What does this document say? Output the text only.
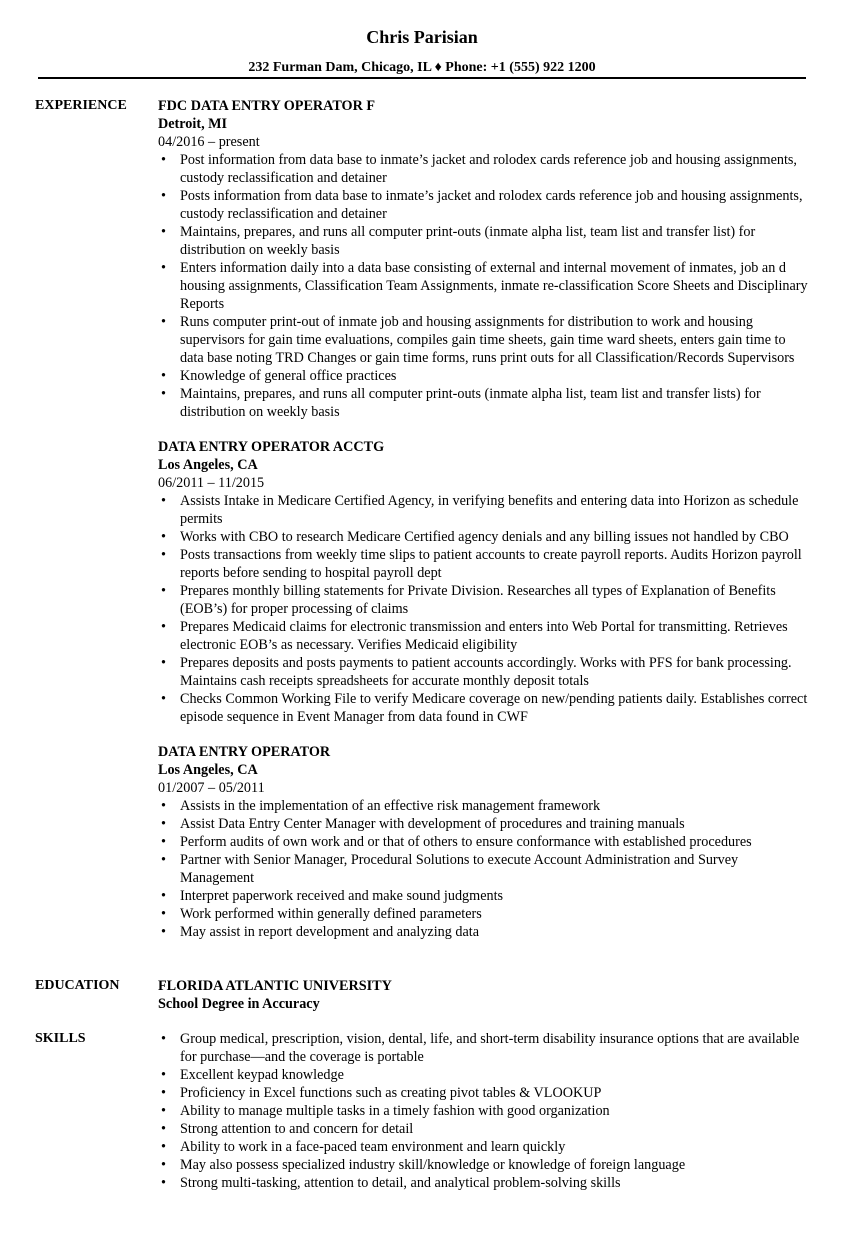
Chris Parisian
232 Furman Dam, Chicago, IL ♦ Phone: +1 (555) 922 1200
EXPERIENCE FDC DATA ENTRY OPERATOR F
Detroit, MI
04/2016 – present
• Post information from data base to inmate’s jacket and rolodex cards reference job and housing assignments, custody reclassification and detainer
• Posts information from data base to inmate’s jacket and rolodex cards reference job and housing assignments, custody reclassification and detainer
• Maintains, prepares, and runs all computer print-outs (inmate alpha list, team list and transfer list) for distribution on weekly basis
• Enters information daily into a data base consisting of external and internal movement of inmates, job an d housing assignments, Classification Team Assignments, inmate re-classification Score Sheets and Disciplinary Reports
• Runs computer print-out of inmate job and housing assignments for distribution to work and housing supervisors for gain time evaluations, compiles gain time sheets, gain time ward sheets, enters gain time to data base noting TRD Changes or gain time forms, runs print outs for all Classification/Records Supervisors
• Knowledge of general office practices
• Maintains, prepares, and runs all computer print-outs (inmate alpha list, team list and transfer lists) for distribution on weekly basis
DATA ENTRY OPERATOR ACCTG
Los Angeles, CA
06/2011 – 11/2015
• Assists Intake in Medicare Certified Agency, in verifying benefits and entering data into Horizon as schedule permits
• Works with CBO to research Medicare Certified agency denials and any billing issues not handled by CBO
• Posts transactions from weekly time slips to patient accounts to create payroll reports. Audits Horizon payroll reports before sending to hospital payroll dept
• Prepares monthly billing statements for Private Division. Researches all types of Explanation of Benefits (EOB’s) for proper processing of claims
• Prepares Medicaid claims for electronic transmission and enters into Web Portal for transmitting. Retrieves electronic EOB’s as necessary. Verifies Medicaid eligibility
• Prepares deposits and posts payments to patient accounts accordingly. Works with PFS for bank processing. Maintains cash receipts spreadsheets for accurate monthly deposit totals
• Checks Common Working File to verify Medicare coverage on new/pending patients daily. Establishes correct episode sequence in Event Manager from data found in CWF
DATA ENTRY OPERATOR
Los Angeles, CA
01/2007 – 05/2011
• Assists in the implementation of an effective risk management framework
• Assist Data Entry Center Manager with development of procedures and training manuals
• Perform audits of own work and or that of others to ensure conformance with established procedures
• Partner with Senior Manager, Procedural Solutions to execute Account Administration and Survey Management
• Interpret paperwork received and make sound judgments
• Work performed within generally defined parameters
• May assist in report development and analyzing data
EDUCATION	FLORIDA ATLANTIC UNIVERSITY
School Degree in Accuracy
SKILLS
•	Group medical, prescription, vision, dental, life, and short-term disability insurance options that are available for purchase—and the coverage is portable
• Excellent keypad knowledge
• Proficiency in Excel functions such as creating pivot tables & VLOOKUP
• Ability to manage multiple tasks in a timely fashion with good organization
• Strong attention to and concern for detail
• Ability to work in a face-paced team environment and learn quickly
• May also possess specialized industry skill/knowledge or knowledge of foreign language
• Strong multi-tasking, attention to detail, and analytical problem-solving skills
